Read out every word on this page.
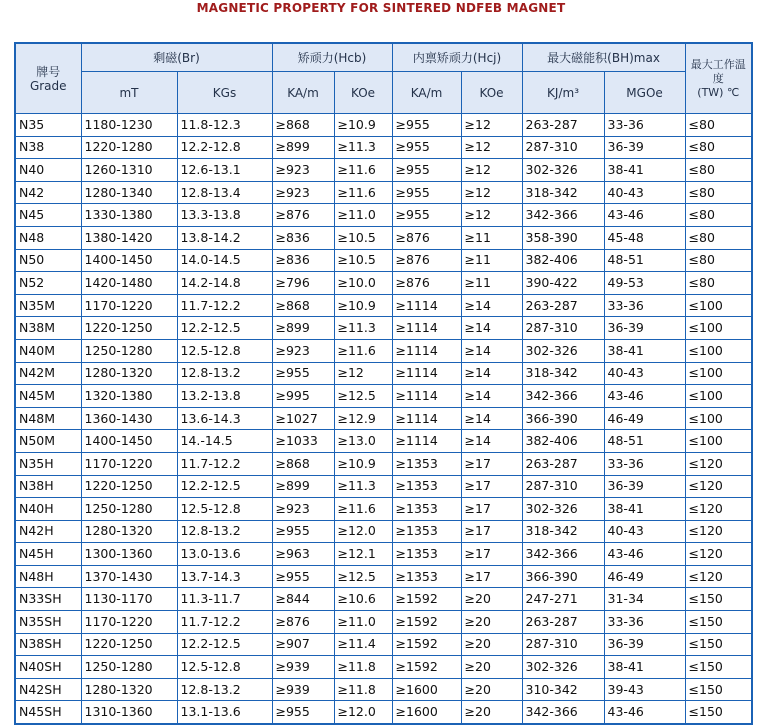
MAGNETIC PROPERTY FOR SINTERED NDFEB MAGNET
牌号
Grade	剩磁(Br)		矫顽力(Hcb)		内禀矫顽力(Hcj)		最大磁能积(BH)max		最大工作温度
(TW) ℃
	mT	KGs	KA/m	KOe	KA/m	KOe	KJ/m³	MGOe	
N35	1180-1230	11.8-12.3	≥868	≥10.9	≥955	≥12	263-287	33-36	≤80
N38	1220-1280	12.2-12.8	≥899	≥11.3	≥955	≥12	287-310	36-39	≤80
N40	1260-1310	12.6-13.1	≥923	≥11.6	≥955	≥12	302-326	38-41	≤80
N42	1280-1340	12.8-13.4	≥923	≥11.6	≥955	≥12	318-342	40-43	≤80
N45	1330-1380	13.3-13.8	≥876	≥11.0	≥955	≥12	342-366	43-46	≤80
N48	1380-1420	13.8-14.2	≥836	≥10.5	≥876	≥11	358-390	45-48	≤80
N50	1400-1450	14.0-14.5	≥836	≥10.5	≥876	≥11	382-406	48-51	≤80
N52	1420-1480	14.2-14.8	≥796	≥10.0	≥876	≥11	390-422	49-53	≤80
N35M	1170-1220	11.7-12.2	≥868	≥10.9	≥1114	≥14	263-287	33-36	≤100
N38M	1220-1250	12.2-12.5	≥899	≥11.3	≥1114	≥14	287-310	36-39	≤100
N40M	1250-1280	12.5-12.8	≥923	≥11.6	≥1114	≥14	302-326	38-41	≤100
N42M	1280-1320	12.8-13.2	≥955	≥12	≥1114	≥14	318-342	40-43	≤100
N45M	1320-1380	13.2-13.8	≥995	≥12.5	≥1114	≥14	342-366	43-46	≤100
N48M	1360-1430	13.6-14.3	≥1027	≥12.9	≥1114	≥14	366-390	46-49	≤100
N50M	1400-1450	14.-14.5	≥1033	≥13.0	≥1114	≥14	382-406	48-51	≤100
N35H	1170-1220	11.7-12.2	≥868	≥10.9	≥1353	≥17	263-287	33-36	≤120
N38H	1220-1250	12.2-12.5	≥899	≥11.3	≥1353	≥17	287-310	36-39	≤120
N40H	1250-1280	12.5-12.8	≥923	≥11.6	≥1353	≥17	302-326	38-41	≤120
N42H	1280-1320	12.8-13.2	≥955	≥12.0	≥1353	≥17	318-342	40-43	≤120
N45H	1300-1360	13.0-13.6	≥963	≥12.1	≥1353	≥17	342-366	43-46	≤120
N48H	1370-1430	13.7-14.3	≥955	≥12.5	≥1353	≥17	366-390	46-49	≤120
N33SH	1130-1170	11.3-11.7	≥844	≥10.6	≥1592	≥20	247-271	31-34	≤150
N35SH	1170-1220	11.7-12.2	≥876	≥11.0	≥1592	≥20	263-287	33-36	≤150
N38SH	1220-1250	12.2-12.5	≥907	≥11.4	≥1592	≥20	287-310	36-39	≤150
N40SH	1250-1280	12.5-12.8	≥939	≥11.8	≥1592	≥20	302-326	38-41	≤150
N42SH	1280-1320	12.8-13.2	≥939	≥11.8	≥1600	≥20	310-342	39-43	≤150
N45SH	1310-1360	13.1-13.6	≥955	≥12.0	≥1600	≥20	342-366	43-46	≤150
